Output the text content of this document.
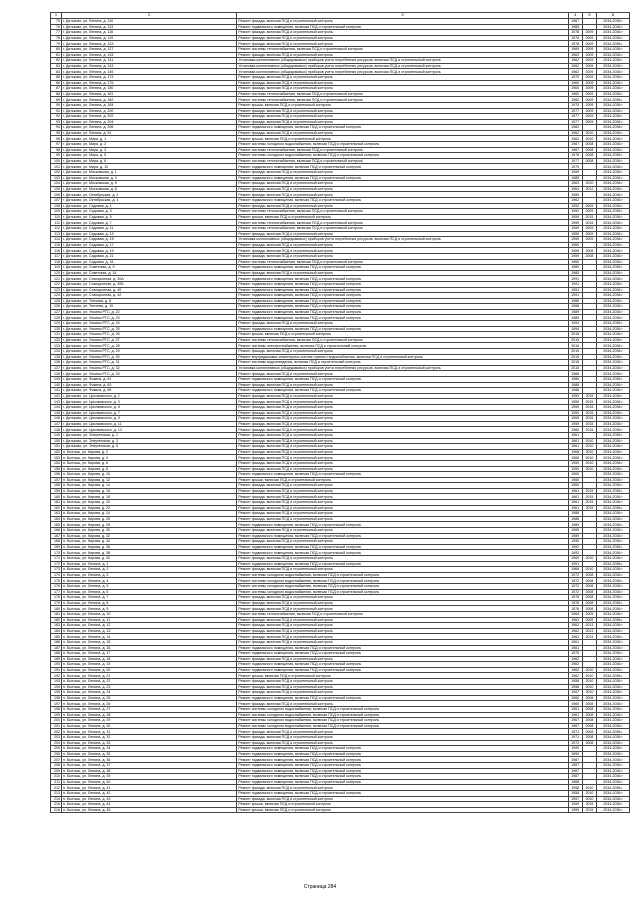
1	2	3	4	5	6
75	г. Дятьково, ул. Ленина, д. 110	Ремонт фасада, включая ПСД и строительный контроль	1967		2034-2036 г
76	г. Дятьково, ул. Ленина, д. 113	Ремонт подвального помещения, включая ПСД и строительный контроль	1985		2034-2036 г
77	г. Дятьково, ул. Ленина, д. 116	Ремонт фасада, включая ПСД и строительный контроль	1978	2009	2034-2036 г
78	г. Дятьково, ул. Ленина, д. 119	Ремонт фасада, включая ПСД и строительный контроль	1976	2009	2034-2036 г
79	г. Дятьково, ул. Ленина, д. 123	Ремонт фасада, включая ПСД и строительный контроль	1978	2009	2034-2036 г
80	г. Дятьково, ул. Ленина, д. 127	Ремонт системы теплоснабжения, включая ПСД и строительный контроль	1969	2009	2034-2036 г
81	г. Дятьково, ул. Ленина, д. 133	Ремонт фасада, включая ПСД и строительный контроль	1963	2009	2034-2036 г
82	г. Дятьково, ул. Ленина, д. 141	Установка коллективных (общедомовых) приборов учета потребления ресурсов, включая ПСД и строительный контроль	1962	2009	2034-2036 г
83	г. Дятьково, ул. Ленина, д. 143	Установка коллективных (общедомовых) приборов учета потребления ресурсов, включая ПСД и строительный контроль	1962	2009	2034-2036 г
84	г. Дятьково, ул. Ленина, д. 145	Установка коллективных (общедомовых) приборов учета потребления ресурсов, включая ПСД и строительный контроль	1962	2009	2034-2036 г
85	г. Дятьково, ул. Ленина, д. 173	Ремонт фасада, включая ПСД и строительный контроль	1970	2009	2034-2036 г
86	г. Дятьково, ул. Ленина, д. 175	Ремонт фасада, включая ПСД и строительный контроль	1960	2009	2034-2036 г
87	г. Дятьково, ул. Ленина, д. 180	Ремонт фасада, включая ПСД и строительный контроль	1960	2009	2034-2036 г
88	г. Дятьково, ул. Ленина, д. 181	Ремонт системы теплоснабжения, включая ПСД и строительный контроль	1960	2009	2034-2036 г
89	г. Дятьково, ул. Ленина, д. 182	Ремонт системы теплоснабжения, включая ПСД и строительный контроль	1960	2009	2034-2036 г
90	г. Дятьково, ул. Ленина, д. 184	Ремонт крыши, включая ПСД и строительный контроль	1970	2009	2034-2036 г
91	г. Дятьково, ул. Ленина, д. 200	Ремонт фасада, включая ПСД и строительный контроль	1977	2009	2034-2036 г
92	г. Дятьково, ул. Ленина, д. 202	Ремонт фасада, включая ПСД и строительный контроль	1977	2009	2034-2036 г
93	г. Дятьково, ул. Ленина, д. 204	Ремонт фасада, включая ПСД и строительный контроль	1977	2009	2034-2036 г
94	г. Дятьково, ул. Ленина, д. 206	Ремонт подвального помещения, включая ПСД и строительный контроль	1982		2034-2036 г
95	г. Дятьково, ул. Ленина, д. 91	Ремонт фасада, включая ПСД и строительный контроль	1962	2010	2034-2036 г
96	г. Дятьково, ул. Мира, д. 1	Ремонт крыши, включая ПСД и строительный контроль	1962	2010	2034-2036 г
97	г. Дятьково, ул. Мира, д. 2	Ремонт системы холодного водоснабжения, включая ПСД и строительный контроль	1967	2008	2034-2036 г
98	г. Дятьково, ул. Мира, д. 3	Ремонт системы теплоснабжения, включая ПСД и строительный контроль	1967	2008	2034-2036 г
99	г. Дятьково, ул. Мира, д. 5	Ремонт системы холодного водоснабжения, включая ПСД и строительный контроль	1978	2008	2034-2036 г
100	г. Дятьково, ул. Мира, д. 8	Ремонт системы теплоснабжения, включая ПСД и строительный контроль	1977	2008	2034-2036 г
101	г. Дятьково, ул. Мира, д. 10	Ремонт подвального помещения, включая ПСД и строительный контроль	1979		2034-2036 г
102	г. Дятьково, ул. Московская, д. 1	Ремонт фасада, включая ПСД и строительный контроль	1959		2034-2036 г
103	г. Дятьково, ул. Московская, д. 3	Ремонт подвального помещения, включая ПСД и строительный контроль	1985		2034-2036 г
104	г. Дятьково, ул. Московская, д. 5	Ремонт фасада, включая ПСД и строительный контроль	1963	2010	2034-2036 г
105	г. Дятьково, ул. Московская, д. 8	Ремонт фасада, включая ПСД и строительный контроль	1964	2012	2034-2036 г
106	г. Дятьково, ул. Октябрьская, д. 2	Ремонт фасада, включая ПСД и строительный контроль	1959		2034-2036 г
107	г. Дятьково, ул. Октябрьская, д. 4	Ремонт подвального помещения, включая ПСД и строительный контроль	1962		2034-2036 г
108	г. Дятьково, ул. Садовая, д. 1	Ремонт фасада, включая ПСД и строительный контроль	1952	2009	2034-2036 г
109	г. Дятьково, ул. Садовая, д. 3	Ремонт системы теплоснабжения, включая ПСД и строительный контроль	1952	2009	2034-2036 г
110	г. Дятьково, ул. Садовая, д. 5	Ремонт крыши, включая ПСД и строительный контроль	1959	2015	2034-2036 г
111	г. Дятьково, ул. Садовая, д. 7	Ремонт системы теплоснабжения, включая ПСД и строительный контроль	1959	2015	2034-2036 г
112	г. Дятьково, ул. Садовая, д. 11	Ремонт системы теплоснабжения, включая ПСД и строительный контроль	1959	2009	2034-2036 г
113	г. Дятьково, ул. Садовая, д. 13	Ремонт фасада, включая ПСД и строительный контроль	1959	2009	2034-2036 г
114	г. Дятьково, ул. Садовая, д. 15	Установка коллективных (общедомовых) приборов учета потребления ресурсов, включая ПСД и строительный контроль	1959	2009	2034-2036 г
115	г. Дятьково, ул. Садовая, д. 17	Ремонт фасада, включая ПСД и строительный контроль	1960		2034-2036 г
116	г. Дятьково, ул. Садовая, д. 19	Ремонт фасада, включая ПСД и строительный контроль	1959	2008	2034-2036 г
117	г. Дятьково, ул. Садовая, д. 21	Ремонт фасада, включая ПСД и строительный контроль	1959	2008	2034-2036 г
118	г. Дятьково, ул. Садовая, д. 31	Ремонт системы теплоснабжения, включая ПСД и строительный контроль	1960		2034-2036 г
119	г. Дятьково, ул. Советская, д. 9	Ремонт подвального помещения, включая ПСД и строительный контроль	1980		2034-2036 г
120	г. Дятьково, ул. Советская, д. 14	Ремонт фасада, включая ПСД и строительный контроль	1985		2034-2036 г
121	г. Дятьково, ул. Станционная, д. 30А	Ремонт подвального помещения, включая ПСД и строительный контроль	1991		2034-2036 г
122	г. Дятьково, ул. Станционная, д. 30Б	Ремонт подвального помещения, включая ПСД и строительный контроль	1991		2034-2036 г
123	г. Дятьково, ул. Станционная, д. 40	Ремонт подвального помещения, включая ПСД и строительный контроль	1991		2034-2036 г
124	г. Дятьково, ул. Станционная, д. 42	Ремонт подвального помещения, включая ПСД и строительный контроль	1991		2034-2036 г
125	г. Дятьково, ул. Тютчева, д. 8	Ремонт подвального помещения, включая ПСД и строительный контроль	1988		2034-2036 г
126	г. Дятьково, ул. Тютчева, д. 10	Ремонт подвального помещения, включая ПСД и строительный контроль	1988		2034-2036 г
127	г. Дятьково, ул. Ульяны РТС, д. 22	Ремонт подвального помещения, включая ПСД и строительный контроль	1989		2034-2036 г
128	г. Дятьково, ул. Ульяны РТС, д. 23	Ремонт подвального помещения, включая ПСД и строительный контроль	1989		2034-2036 г
129	г. Дятьково, ул. Ульяны РТС, д. 24	Ремонт фасада, включая ПСД и строительный контроль	1994		2034-2036 г
130	г. Дятьково, ул. Ульяны РТС, д. 25	Ремонт подвального помещения, включая ПСД и строительный контроль	1994		2034-2036 г
131	г. Дятьково, ул. Ульяны РТС, д. 26	Ремонт крыши, включая ПСД и строительный контроль	2015		2034-2036 г
132	г. Дятьково, ул. Ульяны РТС, д. 27	Ремонт системы теплоснабжения, включая ПСД и строительный контроль	2015		2034-2036 г
133	г. Дятьково, ул. Ульяны РТС, д. 28	Ремонт системы электроснабжения, включая ПСД и строительный контроль	2015		2034-2036 г
134	г. Дятьково, ул. Ульяны РТС, д. 29	Ремонт фасада, включая ПСД и строительный контроль	2015		2034-2036 г
135	г. Дятьково, ул. Ульяны РТС, д. 30	Ремонт внутридомовых инженерных систем горячего водоснабжения, включая ПСД и строительный контроль	2015		2034-2036 г
136	г. Дятьково, ул. Ульяны РТС, д. 31	Ремонт системы водоотведения, включая ПСД и строительный контроль	2015		2034-2036 г
137	г. Дятьково, ул. Ульяны РТС, д. 32	Установка коллективных (общедомовых) приборов учета потребления ресурсов, включая ПСД и строительный контроль	2015		2034-2036 г
138	г. Дятьково, ул. Ульяны РТС, д. 33	Ремонт фасада, включая ПСД и строительный контроль	1986		2034-2036 г
139	г. Дятьково, ул. Фокина, д. 61	Ремонт подвального помещения, включая ПСД и строительный контроль	1986		2034-2036 г
140	г. Дятьково, ул. Фокина, д. 63	Ремонт фасада, включая ПСД и строительный контроль	1986		2034-2036 г
141	г. Дятьково, ул. Фокина, д. 65	Ремонт подвального помещения, включая ПСД и строительный контроль	1986		2034-2036 г
142	г. Дятьково, ул. Циолковского, д. 1	Ремонт фасада, включая ПСД и строительный контроль	1959	2015	2034-2036 г
143	г. Дятьково, ул. Циолковского, д. 3	Ремонт фасада, включая ПСД и строительный контроль	1959	2015	2034-2036 г
144	г. Дятьково, ул. Циолковского, д. 5	Ремонт фасада, включая ПСД и строительный контроль	1959	2015	2034-2036 г
145	г. Дятьково, ул. Циолковского, д. 7	Ремонт фасада, включая ПСД и строительный контроль	1959	2015	2034-2036 г
146	г. Дятьково, ул. Циолковского, д. 9	Ремонт фасада, включая ПСД и строительный контроль	1959	2015	2034-2036 г
147	г. Дятьково, ул. Циолковского, д. 11	Ремонт фасада, включая ПСД и строительный контроль	1959	2015	2034-2036 г
148	г. Дятьково, ул. Циолковского, д. 13	Ремонт фасада, включая ПСД и строительный контроль	1960	2015	2034-2036 г
149	г. Дятьково, ул. Энергетиков, д. 1	Ремонт фасада, включая ПСД и строительный контроль	1961		2034-2036 г
150	г. Дятьково, ул. Энергетиков, д. 3	Ремонт фасада, включая ПСД и строительный контроль	1961	2010	2034-2036 г
151	г. Дятьково, ул. Энергетиков, д. 5	Ремонт фасада, включая ПСД и строительный контроль	1961	2010	2034-2036 г
152	п. Бытошь, ул. Кирова, д. 2	Ремонт фасада, включая ПСД и строительный контроль	1968	2010	2034-2036 г
153	п. Бытошь, ул. Кирова, д. 4	Ремонт фасада, включая ПСД и строительный контроль	1968	2010	2034-2036 г
154	п. Бытошь, ул. Кирова, д. 6	Ремонт фасада, включая ПСД и строительный контроль	1959	2010	2034-2036 г
155	п. Бытошь, ул. Кирова, д. 8	Ремонт фасада, включая ПСД и строительный контроль	1959	2010	2034-2036 г
156	п. Бытошь, ул. Кирова, д. 10	Ремонт подвального помещения, включая ПСД и строительный контроль	1960		2034-2036 г
157	п. Бытошь, ул. Кирова, д. 12	Ремонт крыши, включая ПСД и строительный контроль	1960		2034-2036 г
158	п. Бытошь, ул. Кирова, д. 14	Ремонт фасада, включая ПСД и строительный контроль	1960		2034-2036 г
159	п. Бытошь, ул. Кирова, д. 16	Ремонт фасада, включая ПСД и строительный контроль	1961	2015	2034-2036 г
160	п. Бытошь, ул. Кирова, д. 18	Ремонт фасада, включая ПСД и строительный контроль	1961	2015	2034-2036 г
161	п. Бытошь, ул. Кирова, д. 20	Ремонт фасада, включая ПСД и строительный контроль	1961	2015	2034-2036 г
162	п. Бытошь, ул. Кирова, д. 22	Ремонт фасада, включая ПСД и строительный контроль	1961	2015	2034-2036 г
163	п. Бытошь, ул. Кирова, д. 24	Ремонт фасада, включая ПСД и строительный контроль	1988		2034-2036 г
164	п. Бытошь, ул. Кирова, д. 26	Ремонт фасада, включая ПСД и строительный контроль	1988		2034-2036 г
165	п. Бытошь, ул. Кирова, д. 28	Ремонт подвального помещения, включая ПСД и строительный контроль	1989		2034-2036 г
166	п. Бытошь, ул. Кирова, д. 30	Ремонт фасада, включая ПСД и строительный контроль	1989		2034-2036 г
167	п. Бытошь, ул. Кирова, д. 32	Ремонт подвального помещения, включая ПСД и строительный контроль	1989		2034-2036 г
168	п. Бытошь, ул. Кирова, д. 34	Ремонт фасада, включая ПСД и строительный контроль	1990		2034-2036 г
169	п. Бытошь, ул. Кирова, д. 36	Ремонт подвального помещения, включая ПСД и строительный контроль	1992		2034-2036 г
170	п. Бытошь, ул. Кирова, д. 38	Ремонт подвального помещения, включая ПСД и строительный контроль	1992		2034-2036 г
171	п. Бытошь, ул. Кирова, д. 40	Ремонт фасада, включая ПСД и строительный контроль	1969	2010	2034-2036 г
172	п. Бытошь, ул. Ленина, д. 1	Ремонт подвального помещения, включая ПСД и строительный контроль	1991		2034-2036 г
173	п. Бытошь, ул. Ленина, д. 2	Ремонт фасада, включая ПСД и строительный контроль	1966	2010	2034-2036 г
174	п. Бытошь, ул. Ленина, д. 3	Ремонт системы холодного водоснабжения, включая ПСД и строительный контроль	1972	2008	2034-2036 г
175	п. Бытошь, ул. Ленина, д. 4	Ремонт системы холодного водоснабжения, включая ПСД и строительный контроль	1972	2008	2034-2036 г
176	п. Бытошь, ул. Ленина, д. 5	Ремонт системы холодного водоснабжения, включая ПСД и строительный контроль	1972	2008	2034-2036 г
177	п. Бытошь, ул. Ленина, д. 6	Ремонт системы холодного водоснабжения, включая ПСД и строительный контроль	1972	2008	2034-2036 г
178	п. Бытошь, ул. Ленина, д. 7	Ремонт фасада, включая ПСД и строительный контроль	1978	2008	2034-2036 г
179	п. Бытошь, ул. Ленина, д. 8	Ремонт фасада, включая ПСД и строительный контроль	1978	2008	2034-2036 г
180	п. Бытошь, ул. Ленина, д. 9	Ремонт фасада, включая ПСД и строительный контроль	1978	2008	2034-2036 г
181	п. Бытошь, ул. Ленина, д. 10	Ремонт системы теплоснабжения, включая ПСД и строительный контроль	1964	2009	2034-2036 г
182	п. Бытошь, ул. Ленина, д. 11	Ремонт фасада, включая ПСД и строительный контроль	1962	2009	2034-2036 г
183	п. Бытошь, ул. Ленина, д. 12	Ремонт фасада, включая ПСД и строительный контроль	1962	2013	2034-2036 г
184	п. Бытошь, ул. Ленина, д. 13	Ремонт фасада, включая ПСД и строительный контроль	1962	2013	2034-2036 г
185	п. Бытошь, ул. Ленина, д. 14	Ремонт фасада, включая ПСД и строительный контроль	1962	2013	2034-2036 г
186	п. Бытошь, ул. Ленина, д. 15	Ремонт фасада, включая ПСД и строительный контроль	1961		2034-2036 г
187	п. Бытошь, ул. Ленина, д. 16	Ремонт подвального помещения, включая ПСД и строительный контроль	1961		2034-2036 г
188	п. Бытошь, ул. Ленина, д. 17	Ремонт подвального помещения, включая ПСД и строительный контроль	1970		2034-2036 г
189	п. Бытошь, ул. Ленина, д. 18	Ремонт фасада, включая ПСД и строительный контроль	1962		2034-2036 г
190	п. Бытошь, ул. Ленина, д. 19	Ремонт подвального помещения, включая ПСД и строительный контроль	1962		2034-2036 г
191	п. Бытошь, ул. Ленина, д. 20	Ремонт подвального помещения, включая ПСД и строительный контроль	1962	2010	2034-2036 г
192	п. Бытошь, ул. Ленина, д. 21	Ремонт крыши, включая ПСД и строительный контроль	1962	2010	2034-2036 г
193	п. Бытошь, ул. Ленина, д. 22	Ремонт фасада, включая ПСД и строительный контроль	1958	2010	2034-2036 г
194	п. Бытошь, ул. Ленина, д. 23	Ремонт фасада, включая ПСД и строительный контроль	1958	2010	2034-2036 г
195	п. Бытошь, ул. Ленина, д. 24	Ремонт фасада, включая ПСД и строительный контроль	1957	2010	2034-2036 г
196	п. Бытошь, ул. Ленина, д. 25	Ремонт подвального помещения, включая ПСД и строительный контроль	1960	2008	2034-2036 г
197	п. Бытошь, ул. Ленина, д. 26	Ремонт фасада, включая ПСД и строительный контроль	1960	2008	2034-2036 г
198	п. Бытошь, ул. Ленина, д. 27	Ремонт системы холодного водоснабжения, включая ПСД и строительный контроль	1961	2008	2034-2036 г
199	п. Бытошь, ул. Ленина, д. 28	Ремонт системы холодного водоснабжения, включая ПСД и строительный контроль	1961	2008	2034-2036 г
200	п. Бытошь, ул. Ленина, д. 29	Ремонт системы холодного водоснабжения, включая ПСД и строительный контроль	1967	2008	2034-2036 г
201	п. Бытошь, ул. Ленина, д. 30	Ремонт системы холодного водоснабжения, включая ПСД и строительный контроль	1967	2008	2034-2036 г
202	п. Бытошь, ул. Ленина, д. 31	Ремонт фасада, включая ПСД и строительный контроль	1971	2008	2034-2036 г
203	п. Бытошь, ул. Ленина, д. 32	Ремонт фасада, включая ПСД и строительный контроль	1971	2008	2034-2036 г
204	п. Бытошь, ул. Ленина, д. 33	Ремонт фасада, включая ПСД и строительный контроль	1972	2008	2034-2036 г
205	п. Бытошь, ул. Ленина, д. 34	Ремонт подвального помещения, включая ПСД и строительный контроль	1990		2034-2036 г
206	п. Бытошь, ул. Ленина, д. 35	Ремонт подвального помещения, включая ПСД и строительный контроль	1990		2034-2036 г
207	п. Бытошь, ул. Ленина, д. 36	Ремонт подвального помещения, включая ПСД и строительный контроль	1987		2034-2036 г
208	п. Бытошь, ул. Ленина, д. 37	Ремонт подвального помещения, включая ПСД и строительный контроль	1987		2034-2036 г
209	п. Бытошь, ул. Ленина, д. 38	Ремонт подвального помещения, включая ПСД и строительный контроль	1987		2034-2036 г
210	п. Бытошь, ул. Ленина, д. 39	Ремонт подвального помещения, включая ПСД и строительный контроль	1987		2034-2036 г
211	п. Бытошь, ул. Ленина, д. 40	Ремонт подвального помещения, включая ПСД и строительный контроль	1988		2034-2036 г
212	п. Бытошь, ул. Ленина, д. 41	Ремонт фасада, включая ПСД и строительный контроль	1958	2010	2034-2036 г
213	п. Бытошь, ул. Ленина, д. 42	Ремонт подвального помещения, включая ПСД и строительный контроль	1958	2010	2034-2036 г
214	п. Бытошь, ул. Ленина, д. 43	Ремонт фасада, включая ПСД и строительный контроль	1957	2010	2034-2036 г
215	п. Бытошь, ул. Ленина, д. 44	Ремонт крыши, включая ПСД и строительный контроль	1959	2015	2034-2036 г
216	п. Бытошь, ул. Ленина, д. 45	Ремонт крыши, включая ПСД и строительный контроль	1959	2015	2034-2036 г
Страница 284
